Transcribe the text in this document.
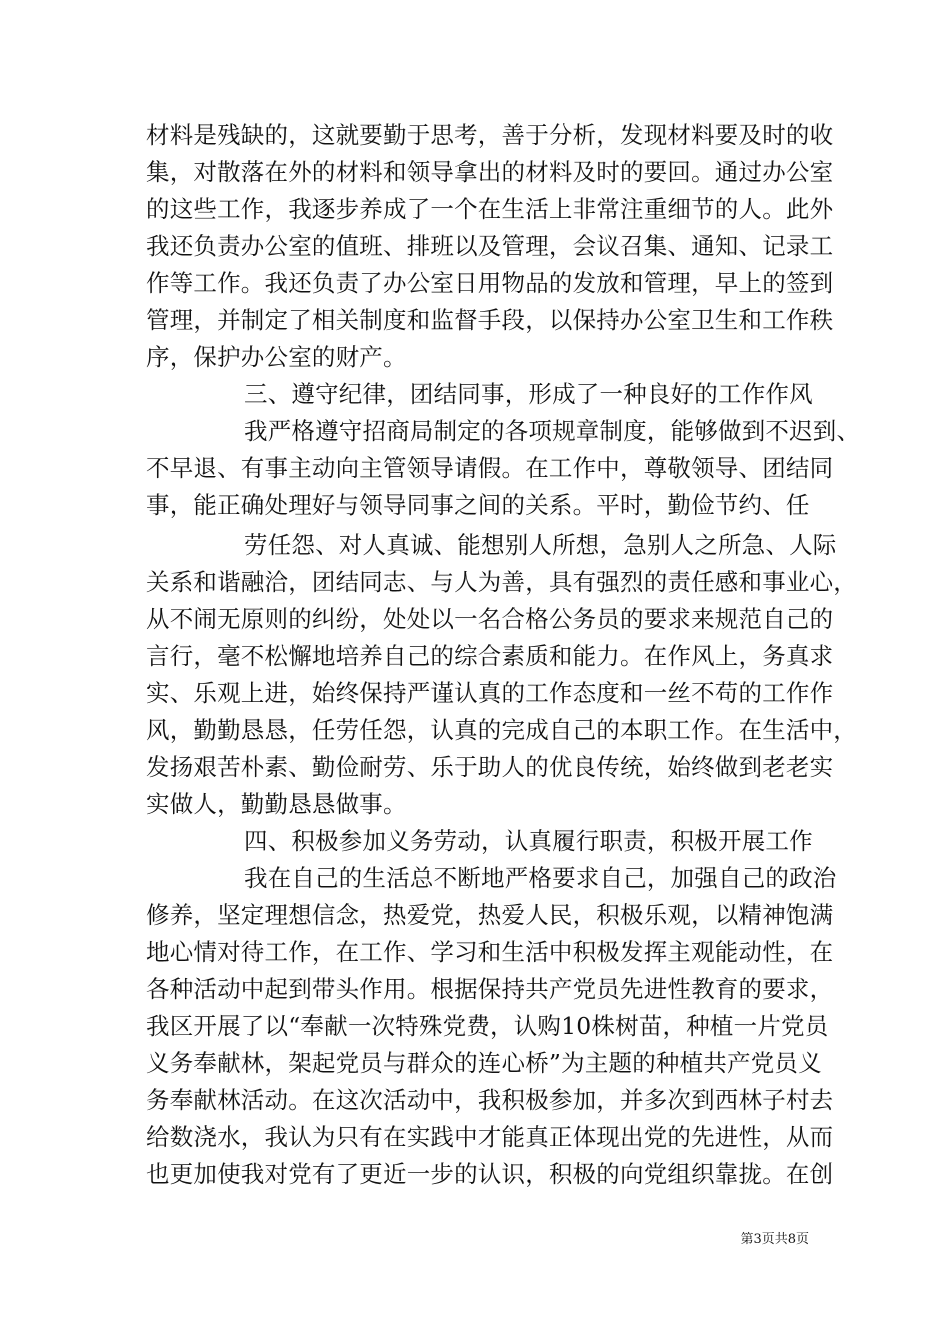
材料是残缺的，这就要勤于思考，善于分析，发现材料要及时的收
集，对散落在外的材料和领导拿出的材料及时的要回。通过办公室
的这些工作，我逐步养成了一个在生活上非常注重细节的人。此外
我还负责办公室的值班、排班以及管理，会议召集、通知、记录工
作等工作。我还负责了办公室日用物品的发放和管理，早上的签到
管理，并制定了相关制度和监督手段，以保持办公室卫生和工作秩
序，保护办公室的财产。
三、遵守纪律，团结同事，形成了一种良好的工作作风
我严格遵守招商局制定的各项规章制度，能够做到不迟到、
不早退、有事主动向主管领导请假。在工作中，尊敬领导、团结同
事，能正确处理好与领导同事之间的关系。平时，勤俭节约、任
劳任怨、对人真诚、能想别人所想，急别人之所急、人际
关系和谐融洽，团结同志、与人为善，具有强烈的责任感和事业心，
从不闹无原则的纠纷，处处以一名合格公务员的要求来规范自己的
言行，毫不松懈地培养自己的综合素质和能力。在作风上，务真求
实、乐观上进，始终保持严谨认真的工作态度和一丝不苟的工作作
风，勤勤恳恳，任劳任怨，认真的完成自己的本职工作。在生活中，
发扬艰苦朴素、勤俭耐劳、乐于助人的优良传统，始终做到老老实
实做人，勤勤恳恳做事。
四、积极参加义务劳动，认真履行职责，积极开展工作
我在自己的生活总不断地严格要求自己，加强自己的政治
修养，坚定理想信念，热爱党，热爱人民，积极乐观，以精神饱满
地心情对待工作，在工作、学习和生活中积极发挥主观能动性，在
各种活动中起到带头作用。根据保持共产党员先进性教育的要求，
我区开展了以“奉献一次特殊党费，认购10株树苗，种植一片党员
义务奉献林，架起党员与群众的连心桥”为主题的种植共产党员义
务奉献林活动。在这次活动中，我积极参加，并多次到西林子村去
给数浇水，我认为只有在实践中才能真正体现出党的先进性，从而
也更加使我对党有了更近一步的认识，积极的向党组织靠拢。在创
第3页共8页
